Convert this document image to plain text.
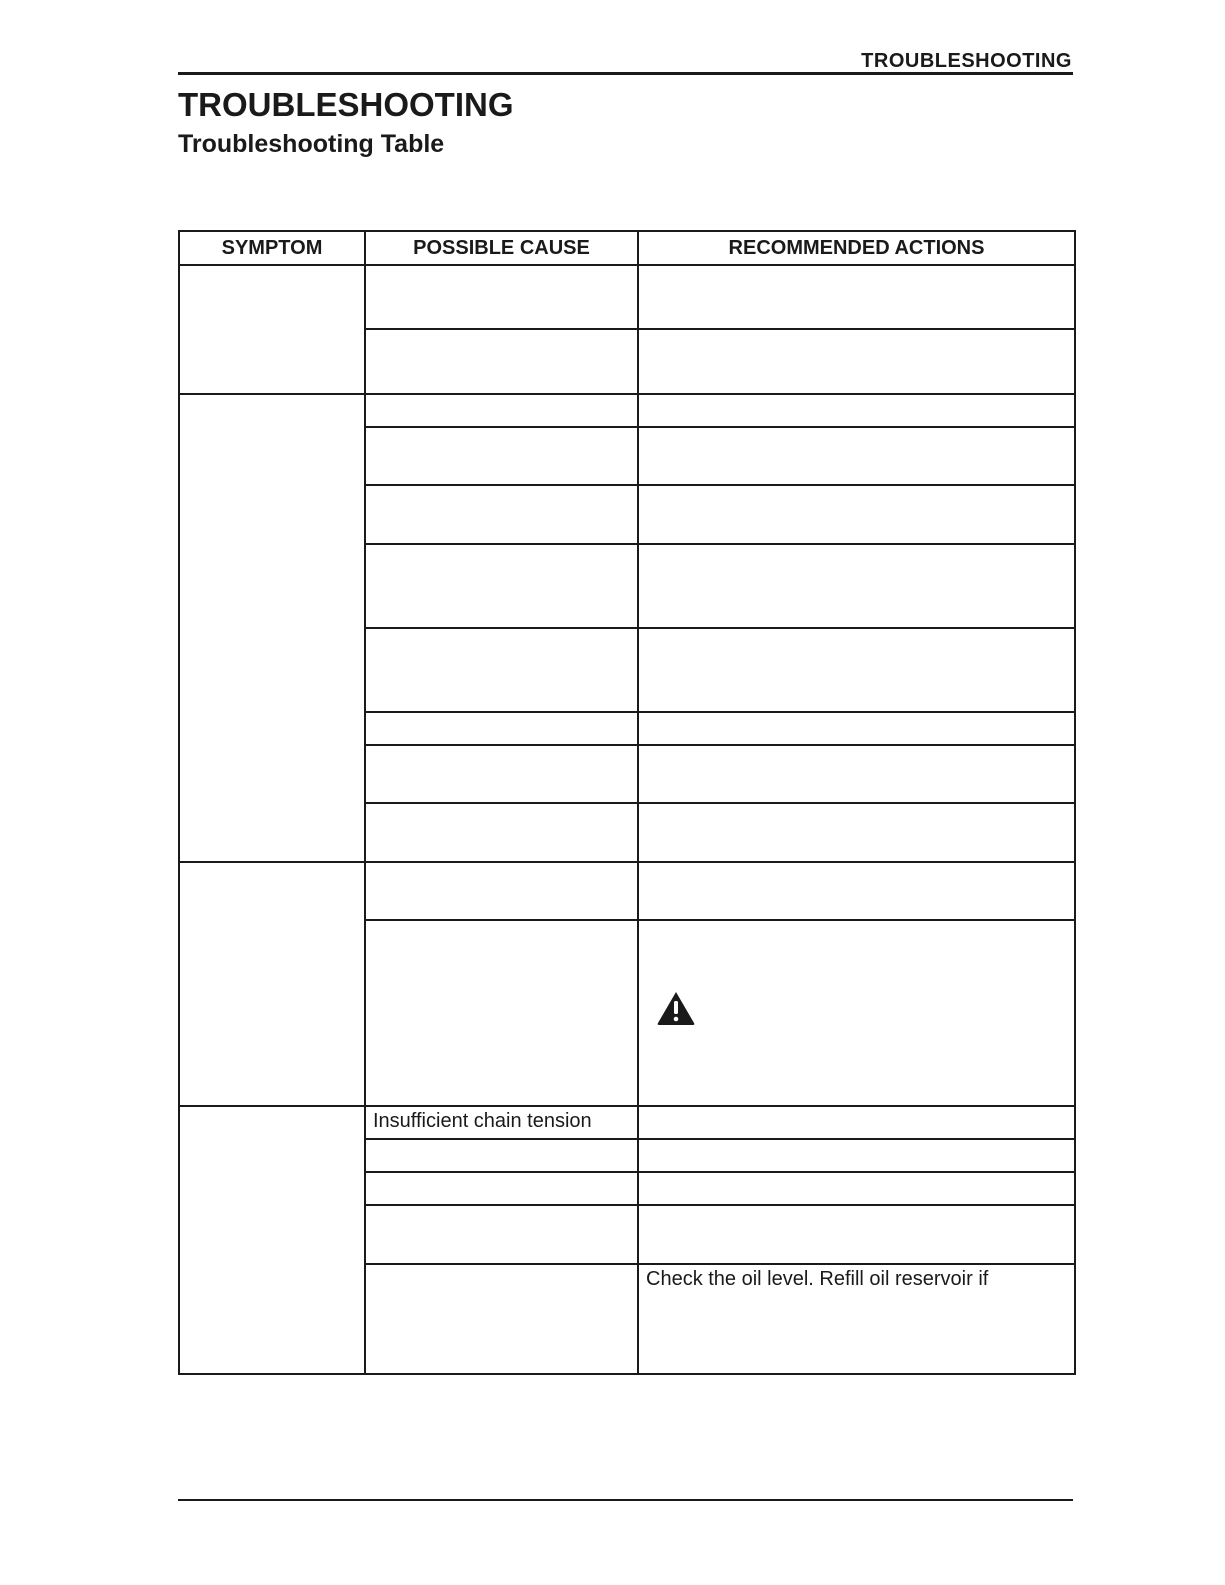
TROUBLESHOOTING
TROUBLESHOOTING
Troubleshooting Table
SYMPTOM	POSSIBLE CAUSE	RECOMMENDED ACTIONS

	Insufficient chain tension	

		Check the oil level. Refill oil reservoir if
